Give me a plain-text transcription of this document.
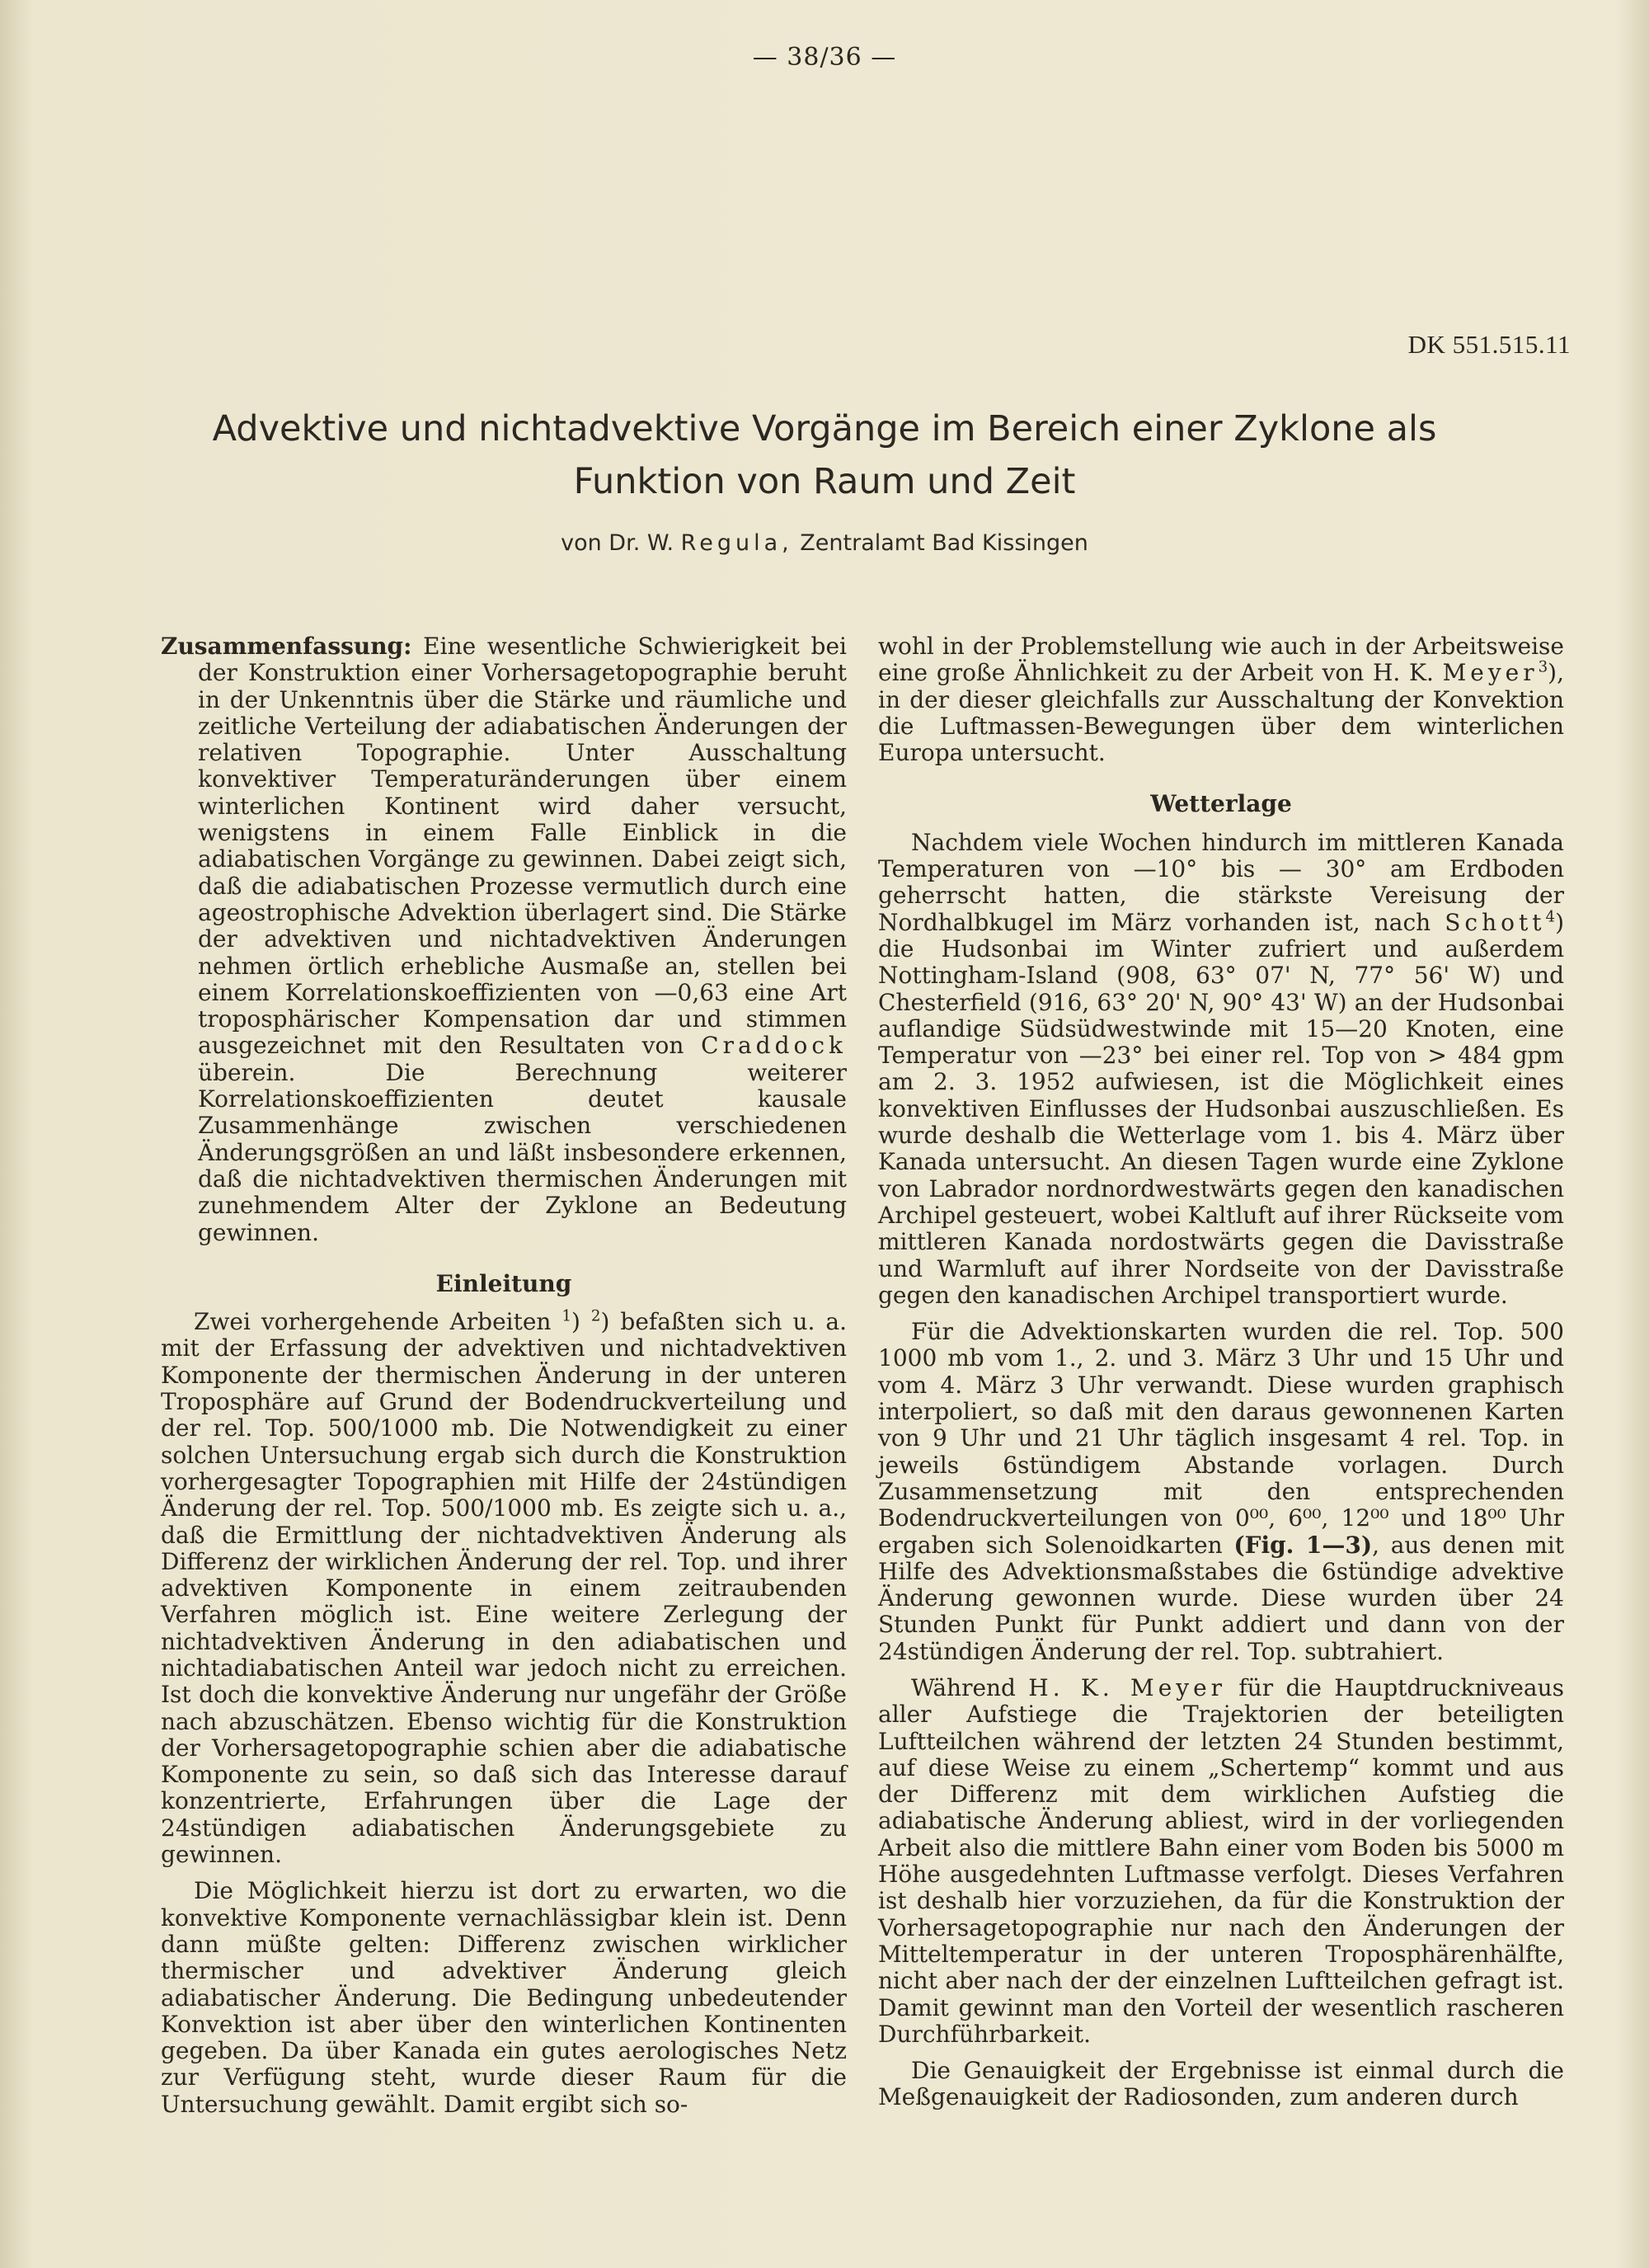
— 38/36 —
DK 551.515.11
Advektive und nichtadvektive Vorgänge im Bereich einer Zyklone als Funktion von Raum und Zeit
von Dr. W. Regula, Zentralamt Bad Kissingen

Zusammenfassung: Eine wesentliche Schwierigkeit bei der Konstruktion einer Vorhersagetopographie beruht in der Unkenntnis über die Stärke und räumliche und zeitliche Verteilung der adiabatischen Änderungen der relativen Topographie. Unter Ausschaltung konvektiver Temperaturänderungen über einem winterlichen Kontinent wird daher versucht, wenigstens in einem Falle Einblick in die adiabatischen Vorgänge zu gewinnen. Dabei zeigt sich, daß die adiabatischen Prozesse vermutlich durch eine ageostrophische Advektion überlagert sind. Die Stärke der advektiven und nichtadvektiven Änderungen nehmen örtlich erhebliche Ausmaße an, stellen bei einem Korrelationskoeffizienten von —0,63 eine Art troposphärischer Kompensation dar und stimmen ausgezeichnet mit den Resultaten von Craddock überein. Die Berechnung weiterer Korrelationskoeffizienten deutet kausale Zusammenhänge zwischen verschiedenen Änderungsgrößen an und läßt insbesondere erkennen, daß die nichtadvektiven thermischen Änderungen mit zunehmendem Alter der Zyklone an Bedeutung gewinnen.

Einleitung

Zwei vorhergehende Arbeiten $^1$) $^2$) befaßten sich u. a. mit der Erfassung der advektiven und nichtadvektiven Komponente der thermischen Änderung in der unteren Troposphäre auf Grund der Bodendruckverteilung und der rel. Top. 500/1000 mb. Die Notwendigkeit zu einer solchen Untersuchung ergab sich durch die Konstruktion vorhergesagter Topographien mit Hilfe der 24stündigen Änderung der rel. Top. 500/1000 mb. Es zeigte sich u. a., daß die Ermittlung der nichtadvektiven Änderung als Differenz der wirklichen Änderung der rel. Top. und ihrer advektiven Komponente in einem zeitraubenden Verfahren möglich ist. Eine weitere Zerlegung der nichtadvektiven Änderung in den adiabatischen und nichtadiabatischen Anteil war jedoch nicht zu erreichen. Ist doch die konvektive Änderung nur ungefähr der Größe nach abzuschätzen. Ebenso wichtig für die Konstruktion der Vorhersagetopographie schien aber die adiabatische Komponente zu sein, so daß sich das Interesse darauf konzentrierte, Erfahrungen über die Lage der 24stündigen adiabatischen Änderungsgebiete zu gewinnen.

Die Möglichkeit hierzu ist dort zu erwarten, wo die konvektive Komponente vernachlässigbar klein ist. Denn dann müßte gelten: Differenz zwischen wirklicher thermischer und advektiver Änderung gleich adiabatischer Änderung. Die Bedingung unbedeutender Konvektion ist aber über den winterlichen Kontinenten gegeben. Da über Kanada ein gutes aerologisches Netz zur Verfügung steht, wurde dieser Raum für die Untersuchung gewählt. Damit ergibt sich so-

wohl in der Problemstellung wie auch in der Arbeitsweise eine große Ähnlichkeit zu der Arbeit von H. K. Meyer$^3$), in der dieser gleichfalls zur Ausschaltung der Konvektion die Luftmassen-Bewegungen über dem winterlichen Europa untersucht.

Wetterlage

Nachdem viele Wochen hindurch im mittleren Kanada Temperaturen von —10° bis — 30° am Erdboden geherrscht hatten, die stärkste Vereisung der Nordhalbkugel im März vorhanden ist, nach Schott$^4$) die Hudsonbai im Winter zufriert und außerdem Nottingham-Island (908, 63° 07' N, 77° 56' W) und Chesterfield (916, 63° 20' N, 90° 43' W) an der Hudsonbai auflandige Südsüdwestwinde mit 15—20 Knoten, eine Temperatur von —23° bei einer rel. Top von > 484 gpm am 2. 3. 1952 aufwiesen, ist die Möglichkeit eines konvektiven Einflusses der Hudsonbai auszuschließen. Es wurde deshalb die Wetterlage vom 1. bis 4. März über Kanada untersucht. An diesen Tagen wurde eine Zyklone von Labrador nordnordwestwärts gegen den kanadischen Archipel gesteuert, wobei Kaltluft auf ihrer Rückseite vom mittleren Kanada nordostwärts gegen die Davisstraße und Warmluft auf ihrer Nordseite von der Davisstraße gegen den kanadischen Archipel transportiert wurde.

Für die Advektionskarten wurden die rel. Top. 500 1000 mb vom 1., 2. und 3. März 3 Uhr und 15 Uhr und vom 4. März 3 Uhr verwandt. Diese wurden graphisch interpoliert, so daß mit den daraus gewonnenen Karten von 9 Uhr und 21 Uhr täglich insgesamt 4 rel. Top. in jeweils 6stündigem Abstande vorlagen. Durch Zusammensetzung mit den entsprechenden Bodendruckverteilungen von 0⁰⁰, 6⁰⁰, 12⁰⁰ und 18⁰⁰ Uhr ergaben sich Solenoidkarten (Fig. 1—3), aus denen mit Hilfe des Advektionsmaßstabes die 6stündige advektive Änderung gewonnen wurde. Diese wurden über 24 Stunden Punkt für Punkt addiert und dann von der 24stündigen Änderung der rel. Top. subtrahiert.

Während H. K. Meyer für die Hauptdruckniveaus aller Aufstiege die Trajektorien der beteiligten Luftteilchen während der letzten 24 Stunden bestimmt, auf diese Weise zu einem „Schertemp“ kommt und aus der Differenz mit dem wirklichen Aufstieg die adiabatische Änderung abliest, wird in der vorliegenden Arbeit also die mittlere Bahn einer vom Boden bis 5000 m Höhe ausgedehnten Luftmasse verfolgt. Dieses Verfahren ist deshalb hier vorzuziehen, da für die Konstruktion der Vorhersagetopographie nur nach den Änderungen der Mitteltemperatur in der unteren Troposphärenhälfte, nicht aber nach der der einzelnen Luftteilchen gefragt ist. Damit gewinnt man den Vorteil der wesentlich rascheren Durchführbarkeit.

Die Genauigkeit der Ergebnisse ist einmal durch die Meßgenauigkeit der Radiosonden, zum anderen durch
